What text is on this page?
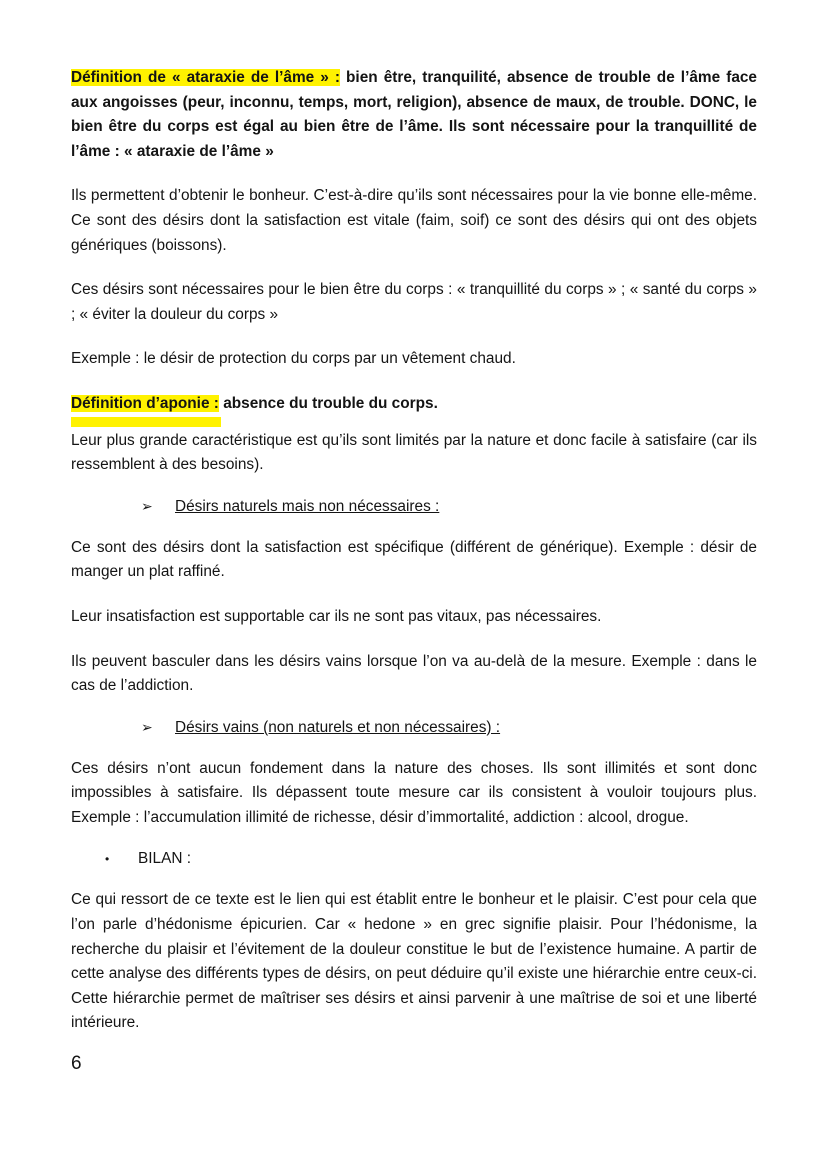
Définition de « ataraxie de l’âme » : bien être, tranquilité, absence de trouble de l’âme face aux angoisses (peur, inconnu, temps, mort, religion), absence de maux, de trouble. DONC, le bien être du corps est égal au bien être de l’âme. Ils sont nécessaire pour la tranquillité de l’âme : « ataraxie de l’âme »

Ils permettent d’obtenir le bonheur. C’est-à-dire qu’ils sont nécessaires pour la vie bonne elle-même. Ce sont des désirs dont la satisfaction est vitale (faim, soif) ce sont des désirs qui ont des objets génériques (boissons).

Ces désirs sont nécessaires pour le bien être du corps : « tranquillité du corps » ; « santé du corps » ; « éviter la douleur du corps »

Exemple : le désir de protection du corps par un vêtement chaud.

Définition d’aponie : absence du trouble du corps.

Leur plus grande caractéristique est qu’ils sont limités par la nature et donc facile à satisfaire (car ils ressemblent à des besoins).

➢	Désirs naturels mais non nécessaires :

Ce sont des désirs dont la satisfaction est spécifique (différent de générique). Exemple : désir de manger un plat raffiné.

Leur insatisfaction est supportable car ils ne sont pas vitaux, pas nécessaires.

Ils peuvent basculer dans les désirs vains lorsque l’on va au-delà de la mesure. Exemple : dans le cas de l’addiction.

➢	Désirs vains (non naturels et non nécessaires) :

Ces désirs n’ont aucun fondement dans la nature des choses. Ils sont illimités et sont donc impossibles à satisfaire. Ils dépassent toute mesure car ils consistent à vouloir toujours plus. Exemple : l’accumulation illimité de richesse, désir d’immortalité, addiction : alcool, drogue.

•	BILAN :

Ce qui ressort de ce texte est le lien qui est établit entre le bonheur et le plaisir. C’est pour cela que l’on parle d’hédonisme épicurien. Car « hedone » en grec signifie plaisir. Pour l’hédonisme, la recherche du plaisir et l’évitement de la douleur constitue le but de l’existence humaine. A partir de cette analyse des différents types de désirs, on peut déduire qu’il existe une hiérarchie entre ceux-ci. Cette hiérarchie permet de maîtriser ses désirs et ainsi parvenir à une maîtrise de soi et une liberté intérieure.

6
